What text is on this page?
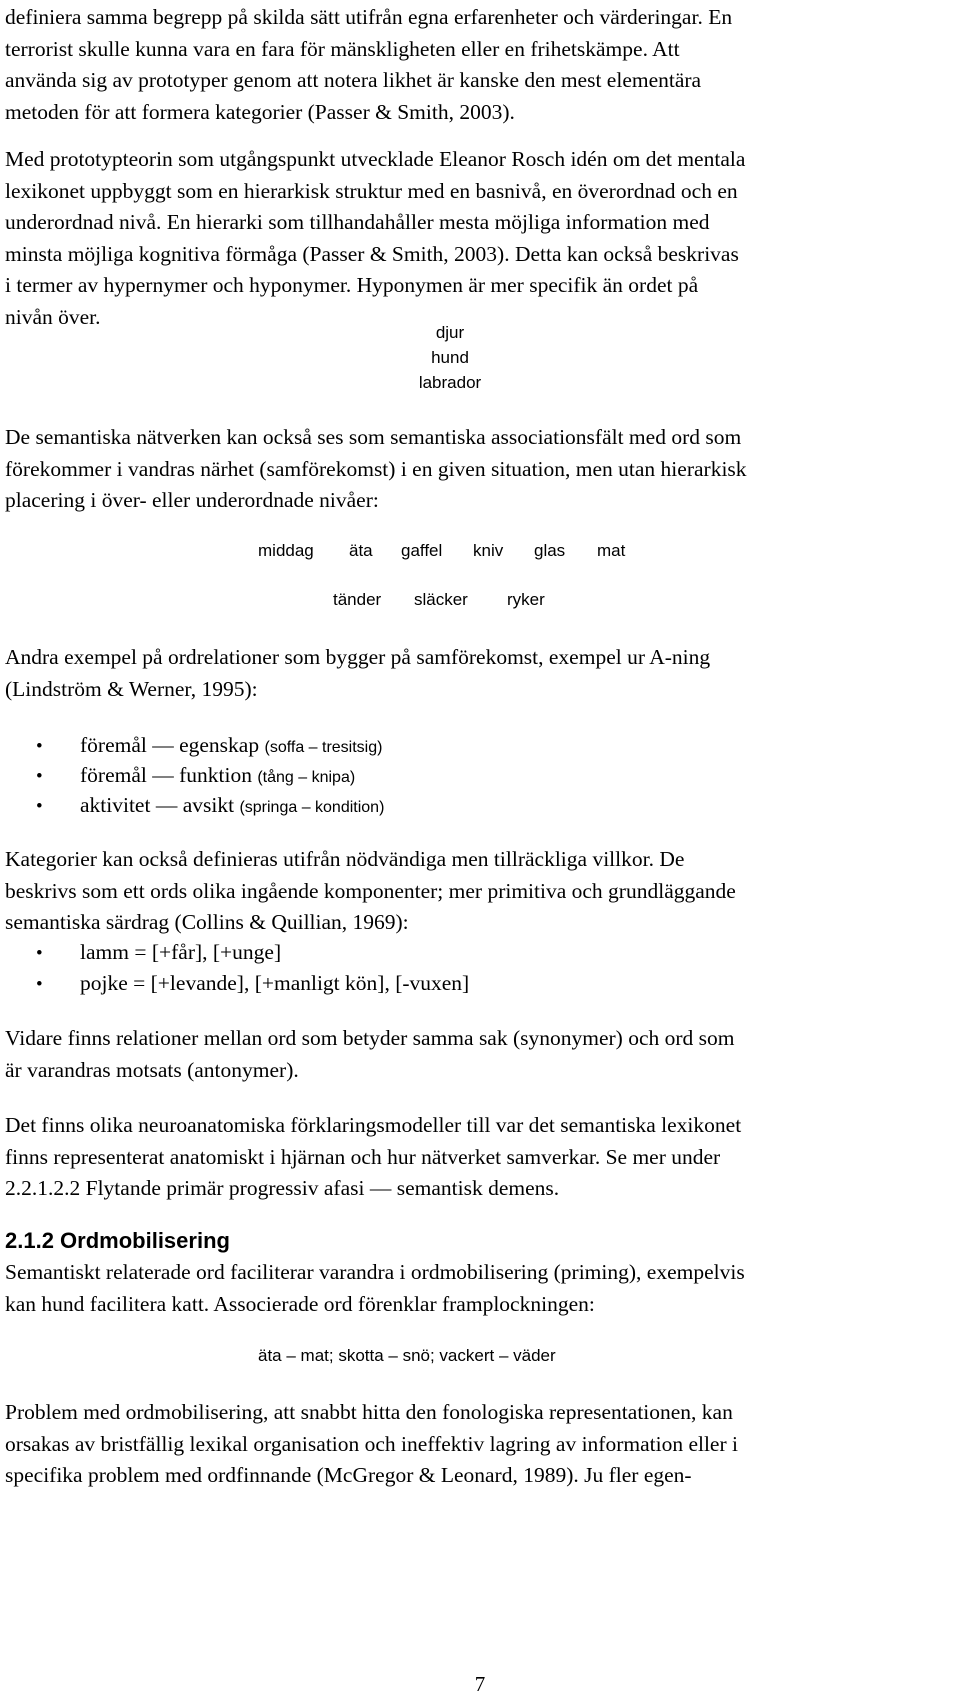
definiera samma begrepp på skilda sätt utifrån egna erfarenheter och värderingar. En
terrorist skulle kunna vara en fara för mänskligheten eller en frihetskämpe. Att
använda sig av prototyper genom att notera likhet är kanske den mest elementära
metoden för att formera kategorier (Passer & Smith, 2003).
Med prototypteorin som utgångspunkt utvecklade Eleanor Rosch idén om det mentala
lexikonet uppbyggt som en hierarkisk struktur med en basnivå, en överordnad och en
underordnad nivå. En hierarki som tillhandahåller mesta möjliga information med
minsta möjliga kognitiva förmåga (Passer & Smith, 2003). Detta kan också beskrivas
i termer av hypernymer och hyponymer. Hyponymen är mer specifik än ordet på
nivån över.
djur
hund
labrador
De semantiska nätverken kan också ses som semantiska associationsfält med ord som
förekommer i vandras närhet (samförekomst) i en given situation, men utan hierarkisk
placering i över- eller underordnade nivåer:
middag äta gaffel kniv glas mat
tänder släcker ryker
Andra exempel på ordrelationer som bygger på samförekomst, exempel ur A-ning
(Lindström & Werner, 1995):
• föremål — egenskap (soffa – tresitsig)
• föremål — funktion (tång – knipa)
• aktivitet — avsikt (springa – kondition)
Kategorier kan också definieras utifrån nödvändiga men tillräckliga villkor. De
beskrivs som ett ords olika ingående komponenter; mer primitiva och grundläggande
semantiska särdrag (Collins & Quillian, 1969):
• lamm = [+får], [+unge]
• pojke = [+levande], [+manligt kön], [-vuxen]
Vidare finns relationer mellan ord som betyder samma sak (synonymer) och ord som
är varandras motsats (antonymer).
Det finns olika neuroanatomiska förklaringsmodeller till var det semantiska lexikonet
finns representerat anatomiskt i hjärnan och hur nätverket samverkar. Se mer under
2.2.1.2.2 Flytande primär progressiv afasi — semantisk demens.
2.1.2 Ordmobilisering
Semantiskt relaterade ord faciliterar varandra i ordmobilisering (priming), exempelvis
kan hund facilitera katt. Associerade ord förenklar framplockningen:
äta – mat; skotta – snö; vackert – väder
Problem med ordmobilisering, att snabbt hitta den fonologiska representationen, kan
orsakas av bristfällig lexikal organisation och ineffektiv lagring av information eller i
specifika problem med ordfinnande (McGregor & Leonard, 1989). Ju fler egen-
7
